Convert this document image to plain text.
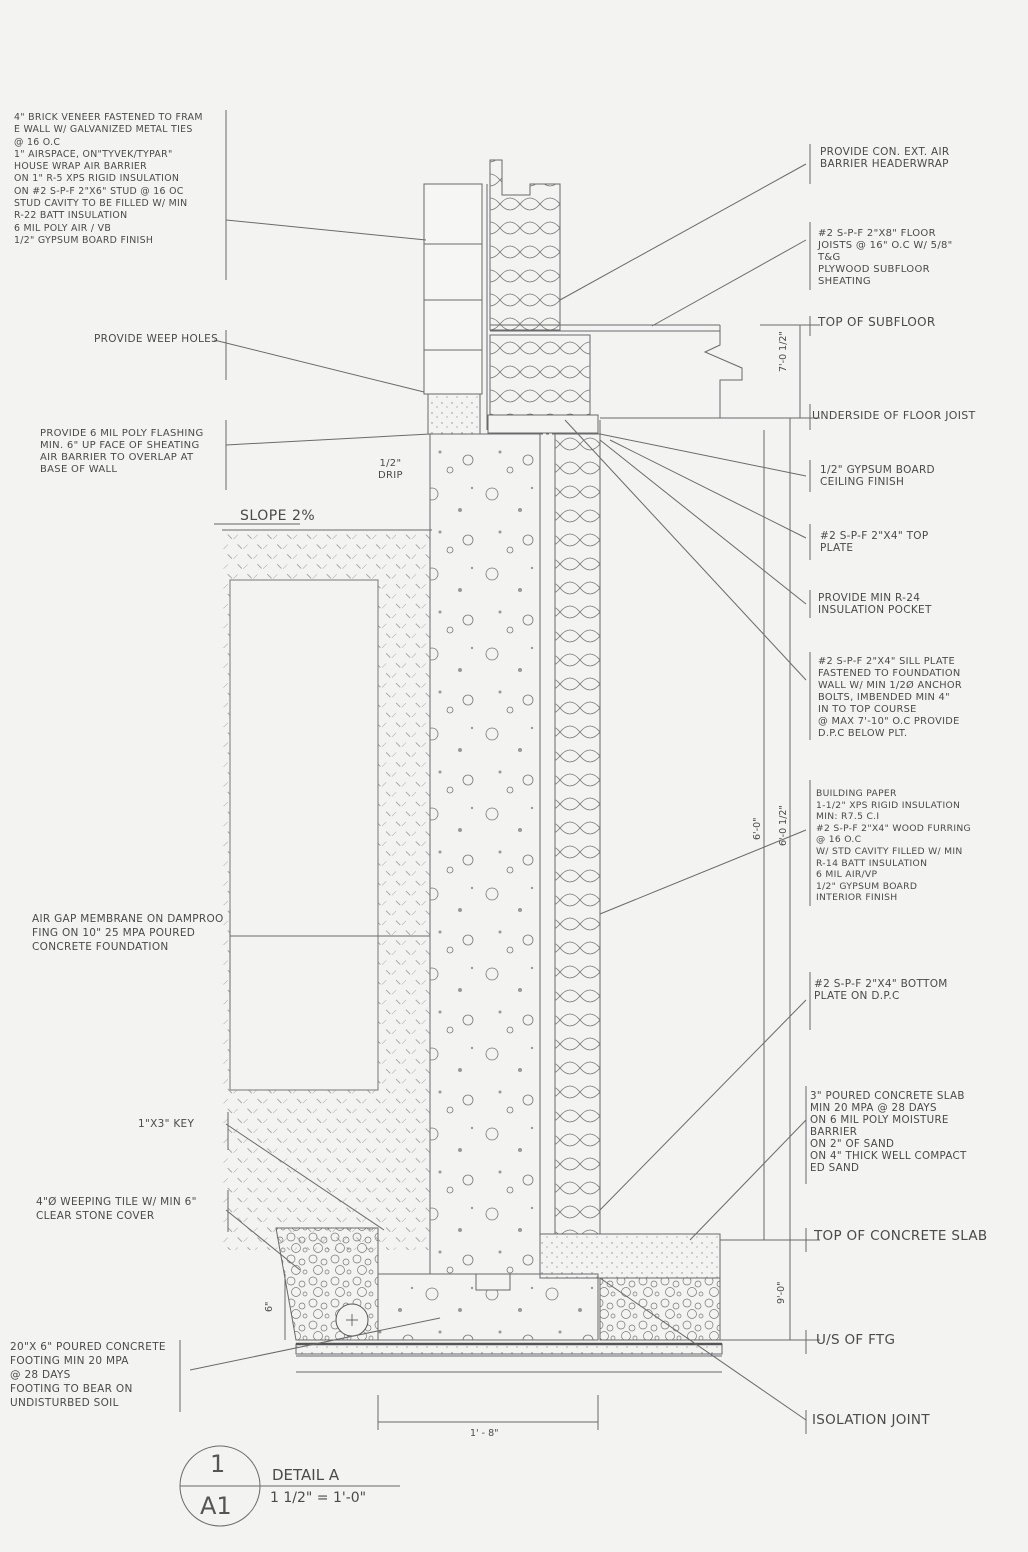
4" BRICK VENEER FASTENED TO FRAM
E WALL W/ GALVANIZED METAL TIES
@ 16 O.C
1" AIRSPACE, ON"TYVEK/TYPAR"
HOUSE WRAP AIR BARRIER
ON 1" R-5 XPS RIGID INSULATION
ON #2 S-P-F 2"X6" STUD @ 16 OC
STUD CAVITY TO BE FILLED W/ MIN
R-22 BATT INSULATION
6 MIL POLY AIR / VB
1/2" GYPSUM BOARD FINISH
PROVIDE WEEP HOLES
PROVIDE 6 MIL POLY FLASHING
MIN. 6" UP FACE OF SHEATING
AIR BARRIER TO OVERLAP AT
BASE OF WALL
AIR GAP MEMBRANE ON DAMPROO
FING ON 10" 25 MPA POURED
CONCRETE FOUNDATION
1"X3" KEY
4"Ø WEEPING TILE W/ MIN 6"
CLEAR STONE COVER
20"X 6" POURED CONCRETE
FOOTING MIN 20 MPA
@ 28 DAYS
FOOTING TO BEAR ON
UNDISTURBED SOIL
PROVIDE CON. EXT. AIR
BARRIER HEADERWRAP
#2 S-P-F 2"X8" FLOOR
JOISTS @ 16" O.C W/ 5/8"
T&G
PLYWOOD SUBFLOOR
SHEATING
TOP OF SUBFLOOR
UNDERSIDE OF FLOOR JOIST
1/2" GYPSUM BOARD
CEILING FINISH
#2 S-P-F 2"X4" TOP
PLATE
PROVIDE MIN R-24
INSULATION POCKET
#2 S-P-F 2"X4" SILL PLATE
FASTENED TO FOUNDATION
WALL W/ MIN 1/2Ø ANCHOR
BOLTS, IMBENDED MIN 4"
IN TO TOP COURSE
@ MAX 7'-10" O.C PROVIDE
D.P.C BELOW PLT.
BUILDING PAPER
1-1/2" XPS RIGID INSULATION
MIN: R7.5 C.I
#2 S-P-F 2"X4" WOOD FURRING
@ 16 O.C
W/ STD CAVITY FILLED W/ MIN
R-14 BATT INSULATION
6 MIL AIR/VP
1/2" GYPSUM BOARD
INTERIOR FINISH
#2 S-P-F 2"X4" BOTTOM
PLATE ON D.P.C
3" POURED CONCRETE SLAB
MIN 20 MPA @ 28 DAYS
ON 6 MIL POLY MOISTURE
BARRIER
ON 2" OF SAND
ON 4" THICK WELL COMPACT
ED SAND
TOP OF CONCRETE SLAB
U/S OF FTG
ISOLATION JOINT
1/2"
DRIP
SLOPE 2%
7'-0 1/2"
6'-0" 6'-0 1/2"
6"
9'-0"
1' - 8"
1
A1
DETAIL A
1 1/2" = 1'-0"
